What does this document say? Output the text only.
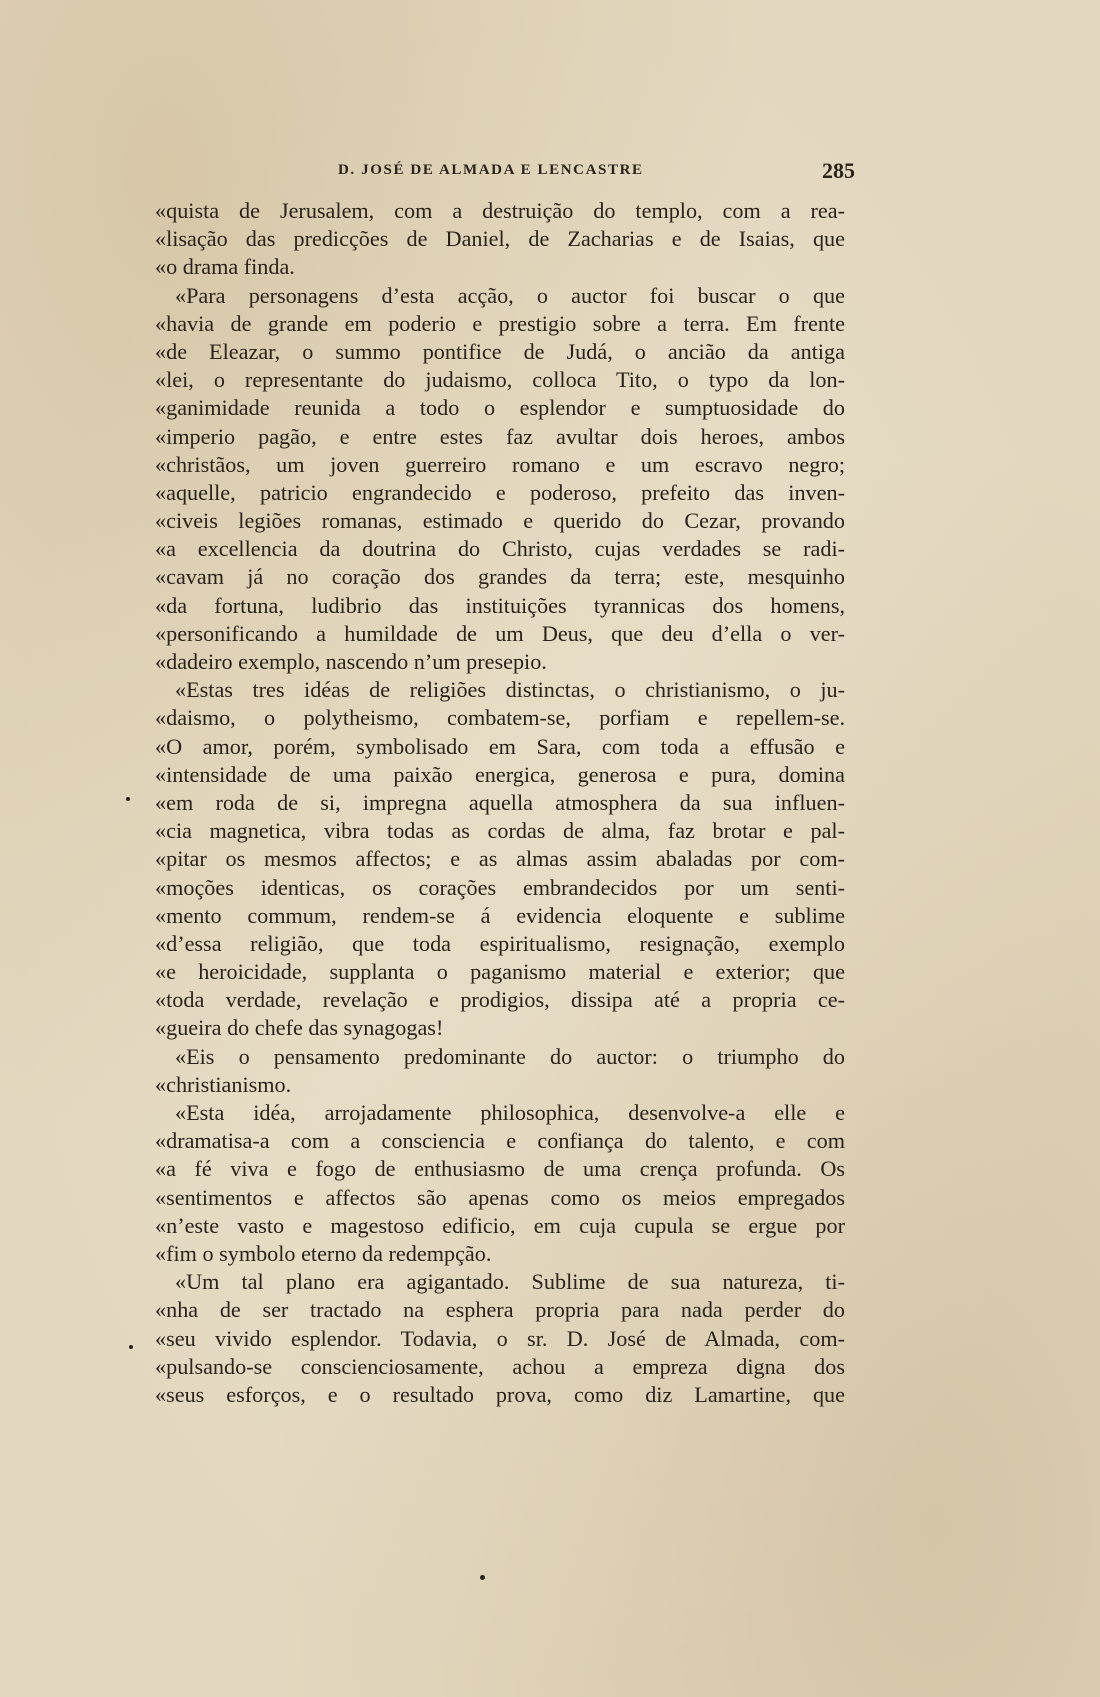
D. JOSÉ DE ALMADA E LENCASTRE	285
«quista de Jerusalem, com a destruição do templo, com a rea-
«lisação das predicções de Daniel, de Zacharias e de Isaias, que
«o drama finda.
«Para personagens d’esta acção, o auctor foi buscar o que
«havia de grande em poderio e prestigio sobre a terra. Em frente
«de Eleazar, o summo pontifice de Judá, o ancião da antiga
«lei, o representante do judaismo, colloca Tito, o typo da lon-
«ganimidade reunida a todo o esplendor e sumptuosidade do
«imperio pagão, e entre estes faz avultar dois heroes, ambos
«christãos, um joven guerreiro romano e um escravo negro;
«aquelle, patricio engrandecido e poderoso, prefeito das inven-
«civeis legiões romanas, estimado e querido do Cezar, provando
«a excellencia da doutrina do Christo, cujas verdades se radi-
«cavam já no coração dos grandes da terra; este, mesquinho
«da fortuna, ludibrio das instituições tyrannicas dos homens,
«personificando a humildade de um Deus, que deu d’ella o ver-
«dadeiro exemplo, nascendo n’um presepio.
«Estas tres idéas de religiões distinctas, o christianismo, o ju-
«daismo, o polytheismo, combatem-se, porfiam e repellem-se.
«O amor, porém, symbolisado em Sara, com toda a effusão e
«intensidade de uma paixão energica, generosa e pura, domina
«em roda de si, impregna aquella atmosphera da sua influen-
«cia magnetica, vibra todas as cordas de alma, faz brotar e pal-
«pitar os mesmos affectos; e as almas assim abaladas por com-
«moções identicas, os corações embrandecidos por um senti-
«mento commum, rendem-se á evidencia eloquente e sublime
«d’essa religião, que toda espiritualismo, resignação, exemplo
«e heroicidade, supplanta o paganismo material e exterior; que
«toda verdade, revelação e prodigios, dissipa até a propria ce-
«gueira do chefe das synagogas!
«Eis o pensamento predominante do auctor: o triumpho do
«christianismo.
«Esta idéa, arrojadamente philosophica, desenvolve-a elle e
«dramatisa-a com a consciencia e confiança do talento, e com
«a fé viva e fogo de enthusiasmo de uma crença profunda. Os
«sentimentos e affectos são apenas como os meios empregados
«n’este vasto e magestoso edificio, em cuja cupula se ergue por
«fim o symbolo eterno da redempção.
«Um tal plano era agigantado. Sublime de sua natureza, ti-
«nha de ser tractado na esphera propria para nada perder do
«seu vivido esplendor. Todavia, o sr. D. José de Almada, com-
«pulsando-se conscienciosamente, achou a empreza digna dos
«seus esforços, e o resultado prova, como diz Lamartine, que
